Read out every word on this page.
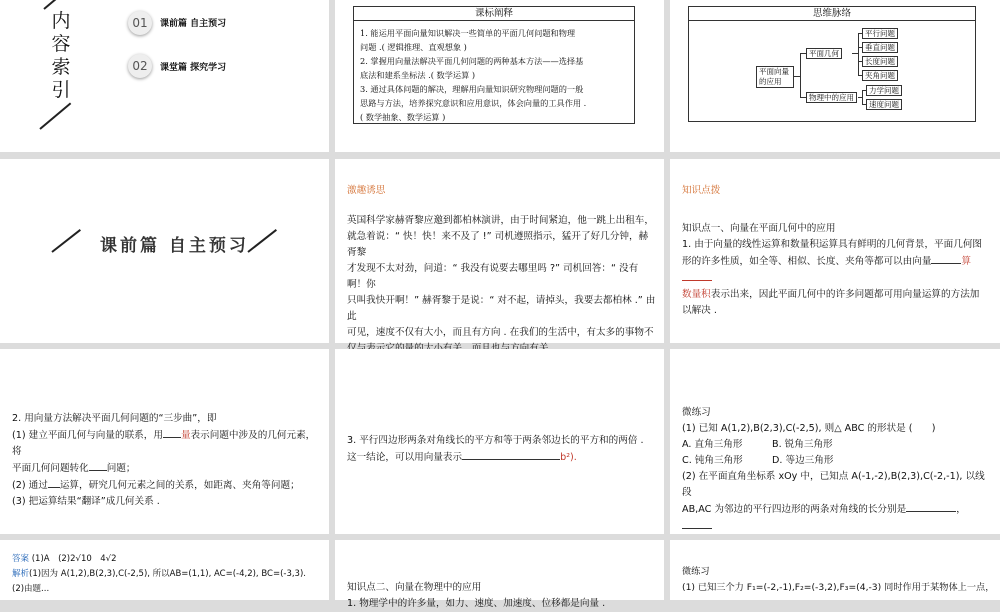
内
容
索
引
01	课前篇 自主预习
02	课堂篇 探究学习
课标阐释
1. 能运用平面向量知识解决一些简单的平面几何问题和物理
问题 .( 逻辑推理、直观想象 )
2. 掌握用向量法解决平面几何问题的两种基本方法——选择基
底法和建系坐标法 .( 数学运算 )
3. 通过具体问题的解决，理解用向量知识研究物理问题的一般
思路与方法，培养探究意识和应用意识，体会向量的工具作用 .
( 数学抽象、数学运算 )
思维脉络
平面向量的应用
平面几何
物理中的应用
平行问题
垂直问题
长度问题
夹角问题
力学问题
速度问题
课前篇 自主预习
激趣诱思
英国科学家赫胥黎应邀到都柏林演讲，由于时间紧迫，他一跳上出租车，
就急着说：“ 快！快！来不及了 !” 司机遵照指示，猛开了好几分钟，赫胥黎
才发现不太对劲，问道：“ 我没有说要去哪里吗 ?” 司机回答：“ 没有啊！你
只叫我快开啊！” 赫胥黎于是说：“ 对不起，请掉头，我要去都柏林 .” 由此
可见，速度不仅有大小，而且有方向 . 在我们的生活中，有太多的事物不
知识点拨
知识点一、向量在平面几何中的应用
1. 由于向量的线性运算和数量积运算具有鲜明的几何背景，平面几何图
形的许多性质，如全等、相似、长度、夹角等都可以由向量	算
数量积表示出来，因此平面几何中的许多问题都可用向量运算的方法加
以解决 .
2. 用向量方法解决平面几何问题的“三步曲”，即
(1) 建立平面几何与向量的联系，用 量表示问题中涉及的几何元素，将
平面几何问题转化 问题；
(2) 通过 运算，研究几何元素之间的关系，如距离、夹角等问题；
(3) 把运算结果“翻译”成几何关系 .
3. 平行四边形两条对角线长的平方和等于两条邻边长的平方和的两倍 .
这一结论，可以用向量表示	b²).
微练习
(1) 已知 A(1,2),B(2,3),C(-2,5), 则△ ABC 的形状是 (　　)
A. 直角三角形	B. 锐角三角形
C. 钝角三角形	D. 等边三角形
(2) 在平面直角坐标系 xOy 中，已知点 A(-1,-2),B(2,3),C(-2,-1), 以线段
AB,AC 为邻边的平行四边形的两条对角线的长分别是	，
答案 (1)A　(2)2√10　4√2
解析(1)因为 A(1,2),B(2,3),C(-2,5), 所以AB=(1,1), AC=(-4,2), BC=(-3,3).
(2)由题...	知识点二、向量在物理中的应用
1. 物理学中的许多量，如力、速度、加速度、位移都是向量 .
微练习
(1) 已知三个力 F₁=(-2,-1),F₂=(-3,2),F₃=(4,-3) 同时作用于某物体上一点，
